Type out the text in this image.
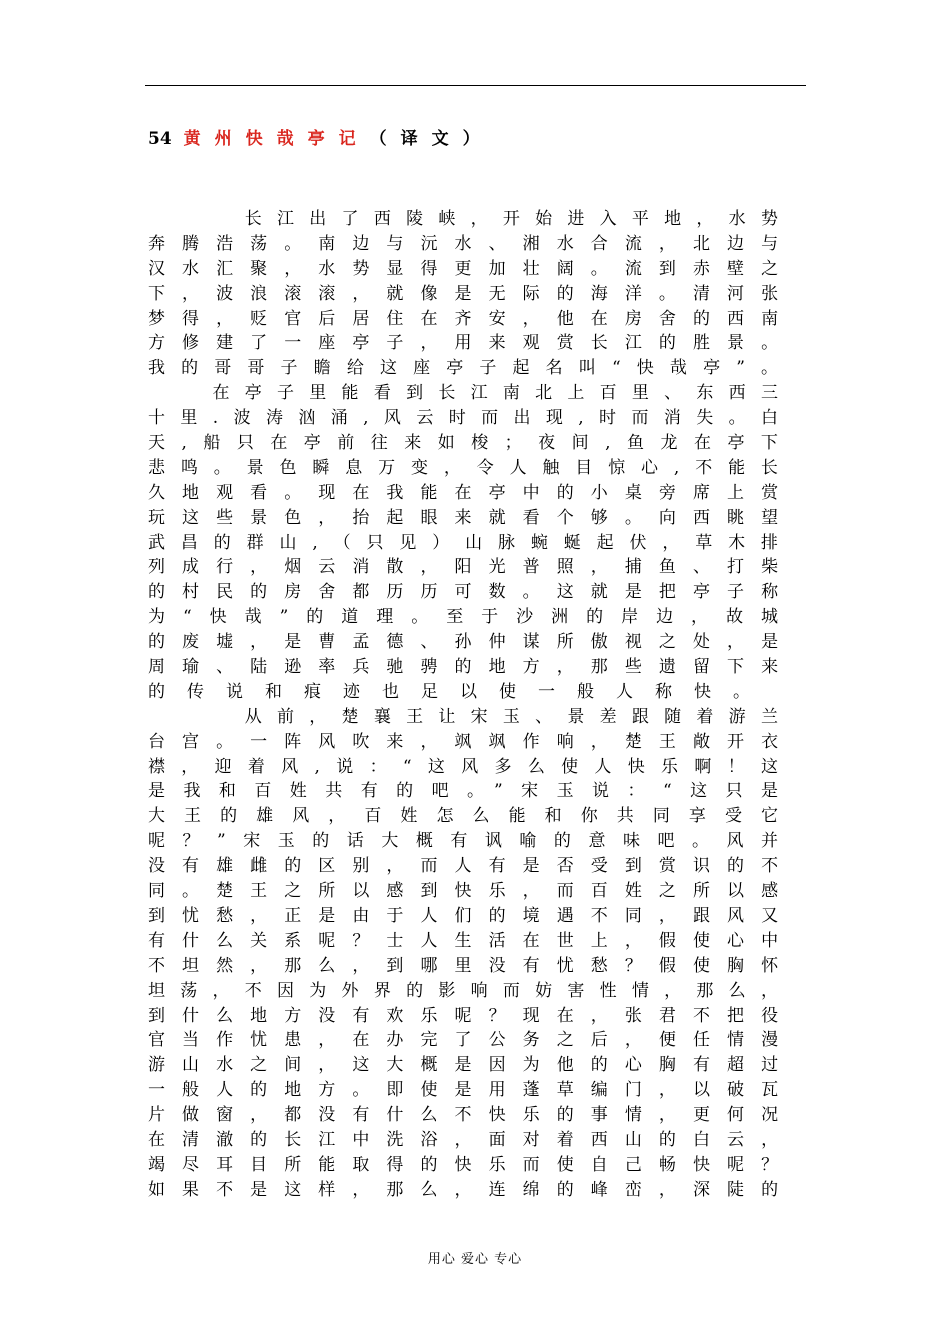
54 黄州快哉亭记（译文）
　　　长江出了西陵峡，开始进入平地，水势
奔腾浩荡。南边与沅水、湘水合流，北边与
汉水汇聚，水势显得更加壮阔。流到赤壁之
下，波浪滚滚，就像是无际的海洋。清河张
梦得，贬官后居住在齐安，他在房舍的西南
方修建了一座亭子，用来观赏长江的胜景。
我的哥哥子瞻给这座亭子起名叫“快哉亭”。
　　在亭子里能看到长江南北上百里、东西三
十里.波涛汹涌,风云时而出现,时而消失。白
天,船只在亭前往来如梭；夜间,鱼龙在亭下
悲鸣。景色瞬息万变，令人触目惊心,不能长
久地观看。现在我能在亭中的小桌旁席上赏
玩这些景色，抬起眼来就看个够。向西眺望
武昌的群山,（只见）山脉蜿蜒起伏，草木排
列成行，烟云消散，阳光普照，捕鱼、打柴
的村民的房舍都历历可数。这就是把亭子称
为“快哉”的道理。至于沙洲的岸边，故城
的废墟，是曹孟德、孙仲谋所傲视之处，是
周瑜、陆逊率兵驰骋的地方，那些遗留下来
的传说和痕迹也足以使一般人称快。
　　　从前，楚襄王让宋玉、景差跟随着游兰
台宫。一阵风吹来，飒飒作响，楚王敞开衣
襟，迎着风,说：“这风多么使人快乐啊！这
是我和百姓共有的吧。”宋玉说：“这只是
大王的雄风，百姓怎么能和你共同享受它
呢？”宋玉的话大概有讽喻的意味吧。风并
没有雄雌的区别，而人有是否受到赏识的不
同。楚王之所以感到快乐，而百姓之所以感
到忧愁，正是由于人们的境遇不同，跟风又
有什么关系呢？士人生活在世上，假使心中
不坦然，那么，到哪里没有忧愁？假使胸怀
坦荡，不因为外界的影响而妨害性情，那么，
到什么地方没有欢乐呢？现在，张君不把役
官当作忧患，在办完了公务之后，便任情漫
游山水之间，这大概是因为他的心胸有超过
一般人的地方。即使是用蓬草编门，以破瓦
片做窗，都没有什么不快乐的事情，更何况
在清澈的长江中洗浴，面对着西山的白云，
竭尽耳目所能取得的快乐而使自己畅快呢？
如果不是这样，那么，连绵的峰峦，深陡的
用心 爱心 专心
